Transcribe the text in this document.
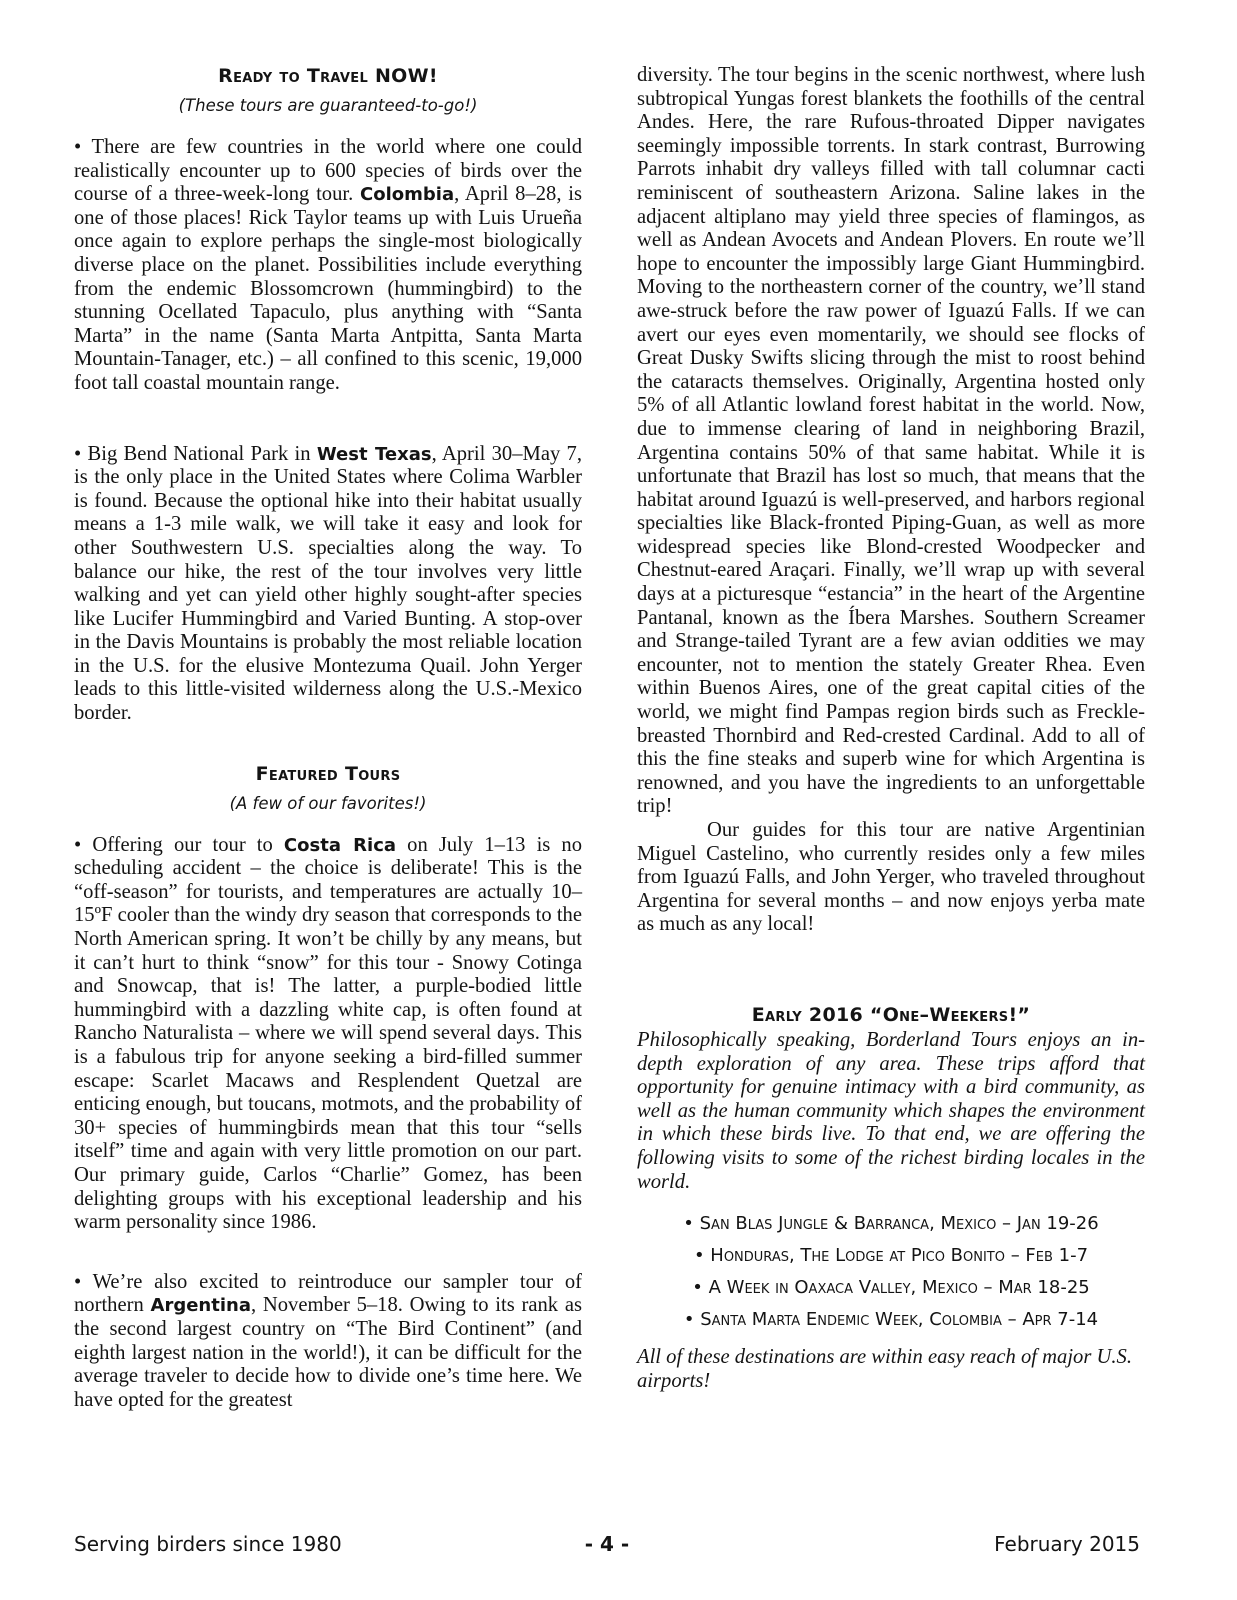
Ready to Travel NOW!
(These tours are guaranteed-to-go!)

• There are few countries in the world where one could realistically encounter up to 600 species of birds over the course of a three-week-long tour. Colombia, April 8–28, is one of those places! Rick Taylor teams up with Luis Urueña once again to explore perhaps the single-most biologically diverse place on the planet. Possibilities include everything from the endemic Blossomcrown (hummingbird) to the stunning Ocellated Tapaculo, plus anything with “Santa Marta” in the name (Santa Marta Antpitta, Santa Marta Mountain-Tanager, etc.) – all confined to this scenic, 19,000 foot tall coastal mountain range.

• Big Bend National Park in West Texas, April 30–May 7, is the only place in the United States where Colima Warbler is found. Because the optional hike into their habitat usually means a 1-3 mile walk, we will take it easy and look for other Southwestern U.S. specialties along the way. To balance our hike, the rest of the tour involves very little walking and yet can yield other highly sought-after species like Lucifer Hummingbird and Varied Bunting. A stop-over in the Davis Mountains is probably the most reliable location in the U.S. for the elusive Montezuma Quail. John Yerger leads to this little-visited wilderness along the U.S.-Mexico border.

Featured Tours
(A few of our favorites!)

• Offering our tour to Costa Rica on July 1–13 is no scheduling accident – the choice is deliberate! This is the “off-season” for tourists, and temperatures are actually 10–15ºF cooler than the windy dry season that corresponds to the North American spring. It won’t be chilly by any means, but it can’t hurt to think “snow” for this tour - Snowy Cotinga and Snowcap, that is! The latter, a purple-bodied little hummingbird with a dazzling white cap, is often found at Rancho Naturalista – where we will spend several days. This is a fabulous trip for anyone seeking a bird-filled summer escape: Scarlet Macaws and Resplendent Quetzal are enticing enough, but toucans, motmots, and the probability of 30+ species of hummingbirds mean that this tour “sells itself” time and again with very little promotion on our part. Our primary guide, Carlos “Charlie” Gomez, has been delighting groups with his exceptional leadership and his warm personality since 1986.

• We’re also excited to reintroduce our sampler tour of northern Argentina, November 5–18. Owing to its rank as the second largest country on “The Bird Continent” (and eighth largest nation in the world!), it can be difficult for the average traveler to decide how to divide one’s time here. We have opted for the greatest

diversity. The tour begins in the scenic northwest, where lush subtropical Yungas forest blankets the foothills of the central Andes. Here, the rare Rufous-throated Dipper navigates seemingly impossible torrents. In stark contrast, Burrowing Parrots inhabit dry valleys filled with tall columnar cacti reminiscent of southeastern Arizona. Saline lakes in the adjacent altiplano may yield three species of flamingos, as well as Andean Avocets and Andean Plovers. En route we’ll hope to encounter the impossibly large Giant Hummingbird. Moving to the northeastern corner of the country, we’ll stand awe-struck before the raw power of Iguazú Falls. If we can avert our eyes even momentarily, we should see flocks of Great Dusky Swifts slicing through the mist to roost behind the cataracts themselves. Originally, Argentina hosted only 5% of all Atlantic lowland forest habitat in the world. Now, due to immense clearing of land in neighboring Brazil, Argentina contains 50% of that same habitat. While it is unfortunate that Brazil has lost so much, that means that the habitat around Iguazú is well-preserved, and harbors regional specialties like Black-fronted Piping-Guan, as well as more widespread species like Blond-crested Woodpecker and Chestnut-eared Araçari. Finally, we’ll wrap up with several days at a picturesque “estancia” in the heart of the Argentine Pantanal, known as the Íbera Marshes. Southern Screamer and Strange-tailed Tyrant are a few avian oddities we may encounter, not to mention the stately Greater Rhea. Even within Buenos Aires, one of the great capital cities of the world, we might find Pampas region birds such as Freckle-breasted Thornbird and Red-crested Cardinal. Add to all of this the fine steaks and superb wine for which Argentina is renowned, and you have the ingredients to an unforgettable trip!

Our guides for this tour are native Argentinian Miguel Castelino, who currently resides only a few miles from Iguazú Falls, and John Yerger, who traveled throughout Argentina for several months – and now enjoys yerba mate as much as any local!

Early 2016 “One–Weekers!”

Philosophically speaking, Borderland Tours enjoys an in-depth exploration of any area. These trips afford that opportunity for genuine intimacy with a bird community, as well as the human community which shapes the environment in which these birds live. To that end, we are offering the following visits to some of the richest birding locales in the world.

• San Blas Jungle & Barranca, Mexico – Jan 19-26
• Honduras, The Lodge at Pico Bonito – Feb 1-7
• A Week in Oaxaca Valley, Mexico – Mar 18-25
• Santa Marta Endemic Week, Colombia – Apr 7-14

All of these destinations are within easy reach of major U.S. airports!

Serving birders since 1980	- 4 -	February 2015
